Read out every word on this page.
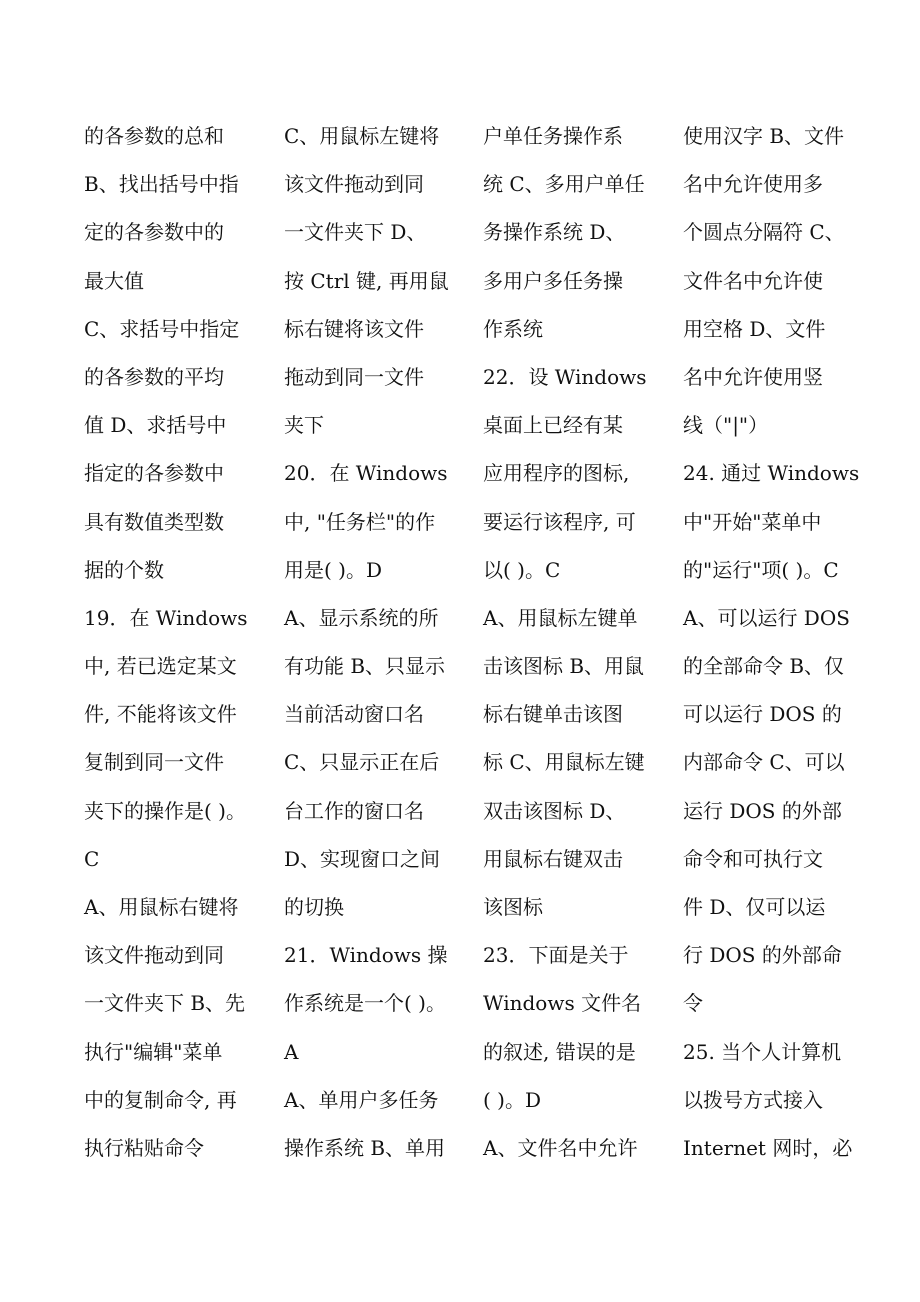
的各参数的总和
B、找出括号中指
定的各参数中的
最大值
C、求括号中指定
的各参数的平均
值 D、求括号中
指定的各参数中
具有数值类型数
据的个数
19．在 Windows
中, 若已选定某文
件, 不能将该文件
复制到同一文件
夹下的操作是( )。
C
A、用鼠标右键将
该文件拖动到同
一文件夹下 B、先
执行"编辑"菜单
中的复制命令, 再
执行粘贴命令
C、用鼠标左键将
该文件拖动到同
一文件夹下 D、
按 Ctrl 键, 再用鼠
标右键将该文件
拖动到同一文件
夹下
20．在 Windows
中, "任务栏"的作
用是( )。D
A、显示系统的所
有功能 B、只显示
当前活动窗口名
C、只显示正在后
台工作的窗口名
D、实现窗口之间
的切换
21．Windows 操
作系统是一个( )。
A
A、单用户多任务
操作系统 B、单用
户单任务操作系
统 C、多用户单任
务操作系统 D、
多用户多任务操
作系统
22．设 Windows
桌面上已经有某
应用程序的图标,
要运行该程序, 可
以( )。C
A、用鼠标左键单
击该图标 B、用鼠
标右键单击该图
标 C、用鼠标左键
双击该图标 D、
用鼠标右键双击
该图标
23．下面是关于
Windows 文件名
的叙述, 错误的是
( )。D
A、文件名中允许
使用汉字 B、文件
名中允许使用多
个圆点分隔符 C、
文件名中允许使
用空格 D、文件
名中允许使用竖
线（"|"）
24. 通过 Windows
中"开始"菜单中
的"运行"项( )。C
A、可以运行 DOS
的全部命令 B、仅
可以运行 DOS 的
内部命令 C、可以
运行 DOS 的外部
命令和可执行文
件 D、仅可以运
行 DOS 的外部命
令
25. 当个人计算机
以拨号方式接入
Internet 网时，必
